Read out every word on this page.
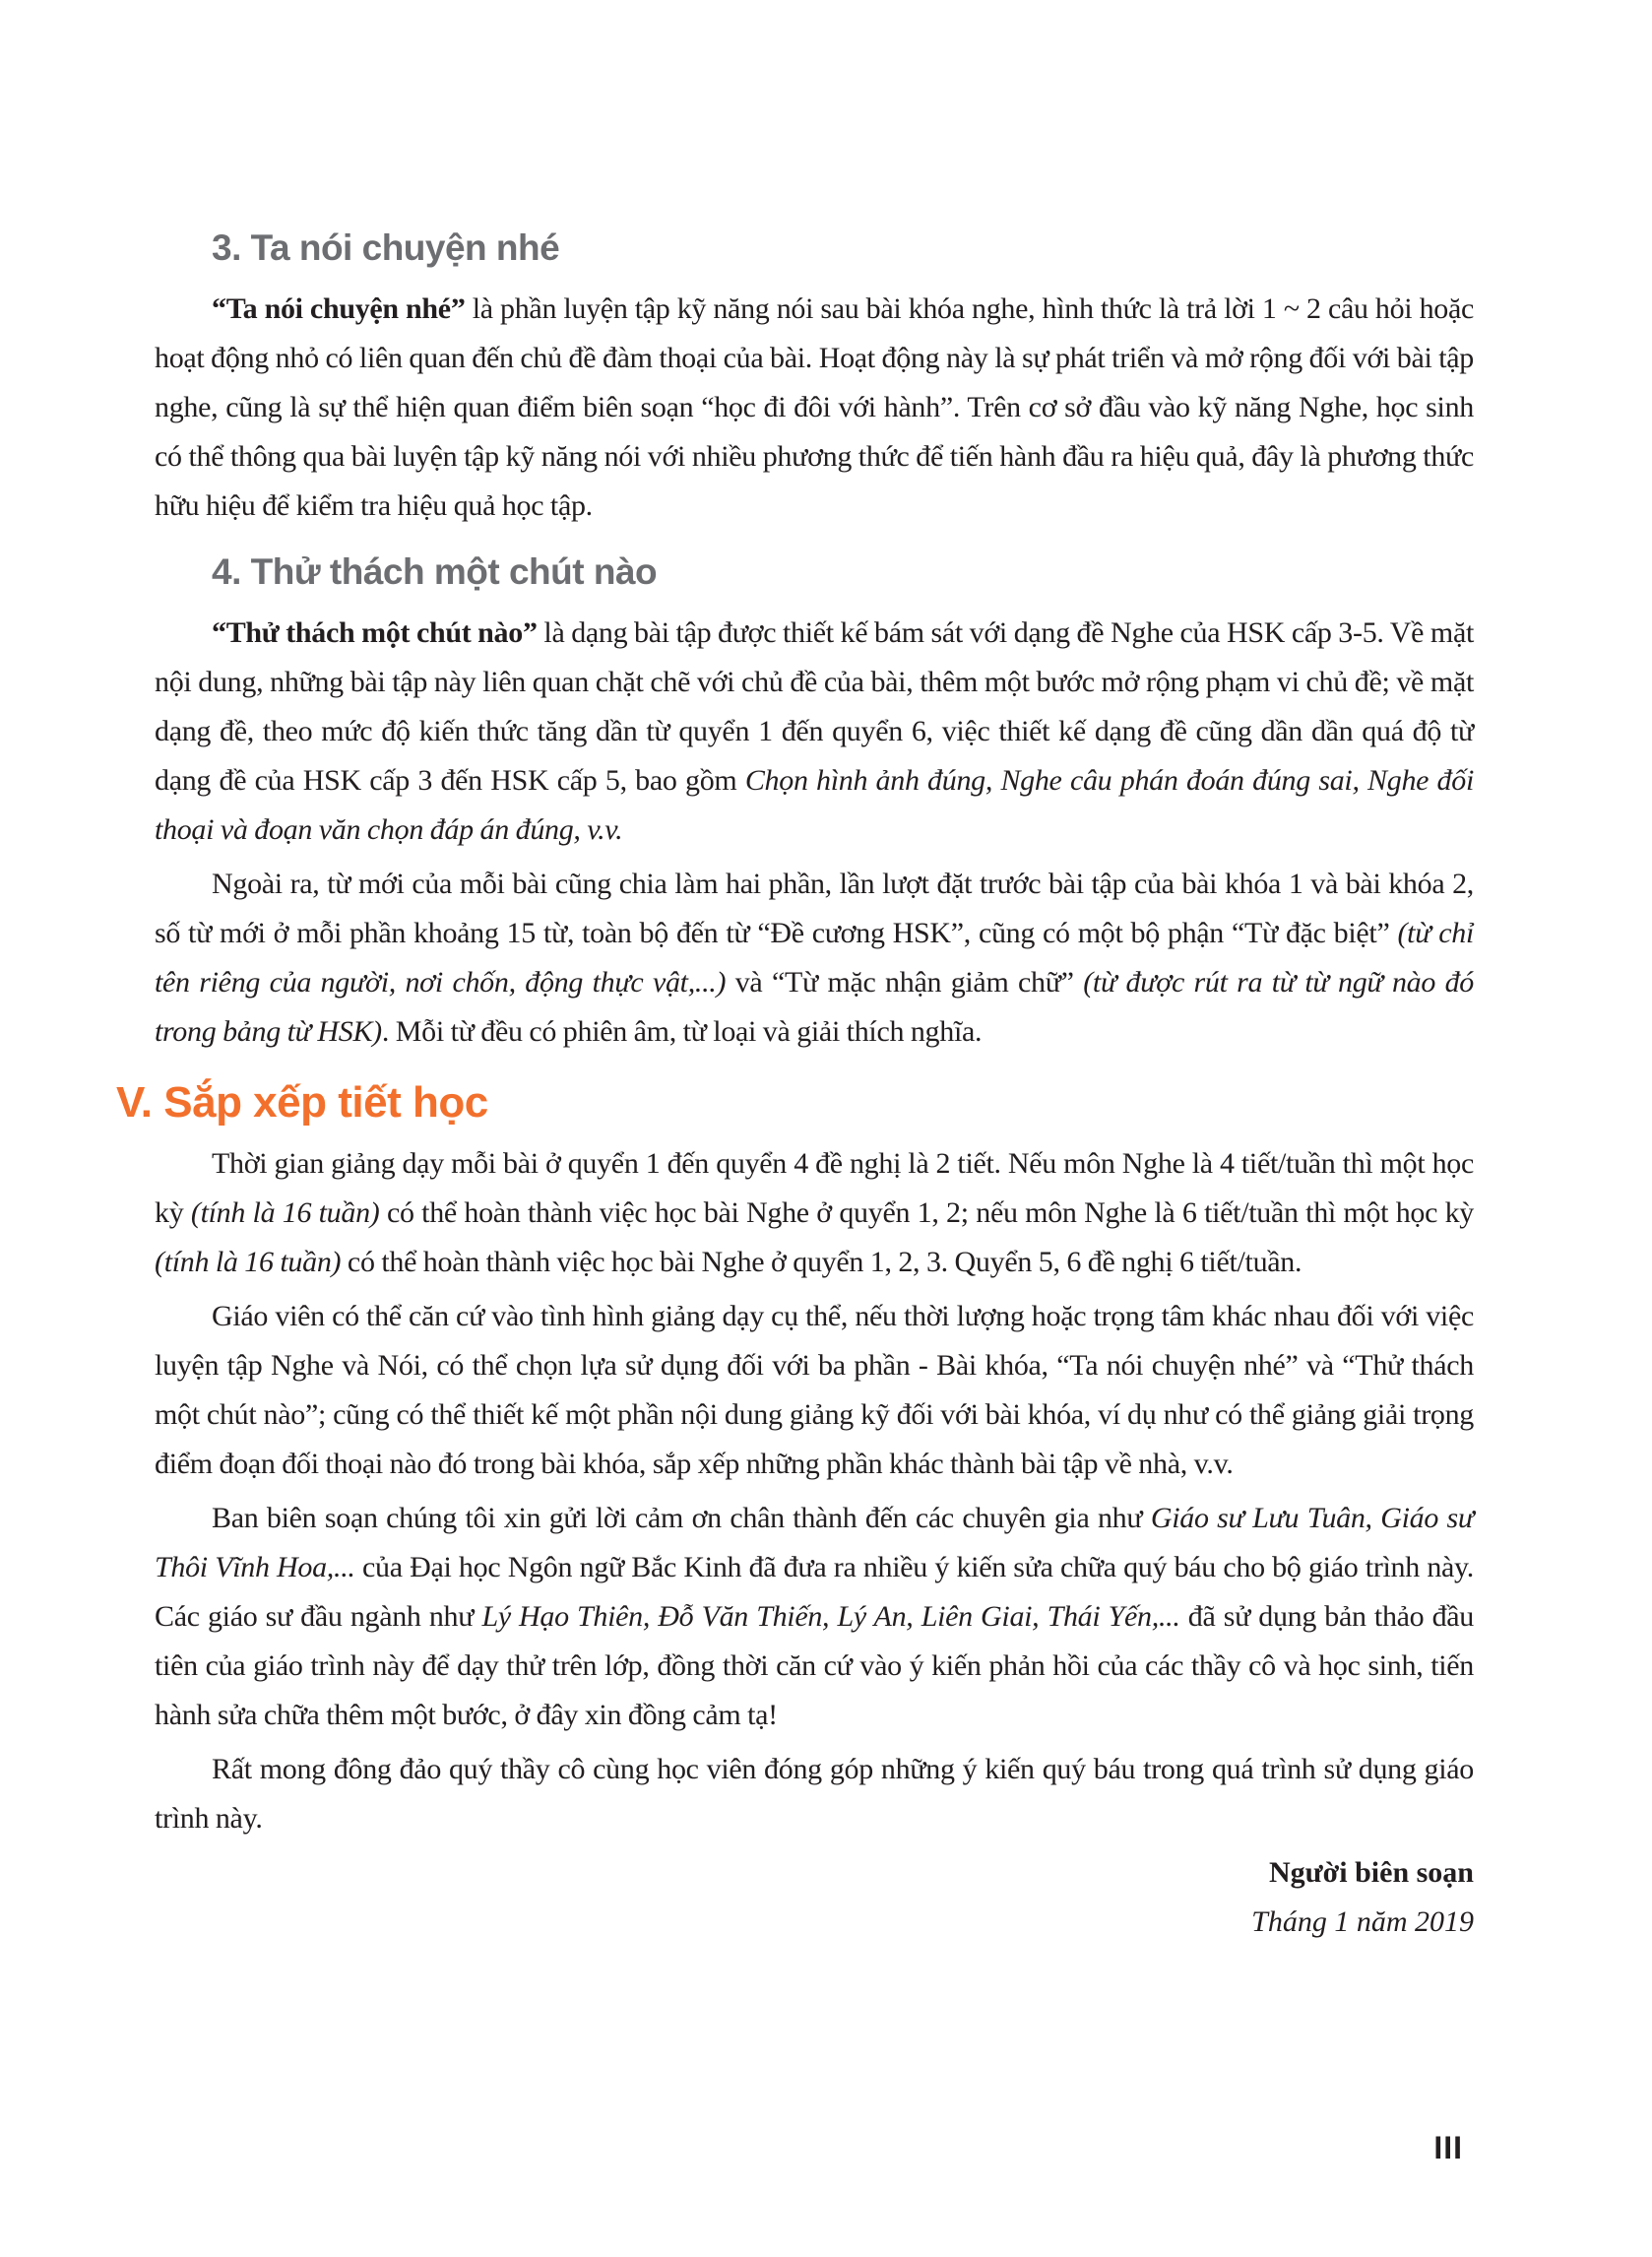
3. Ta nói chuyện nhé

“Ta nói chuyện nhé” là phần luyện tập kỹ năng nói sau bài khóa nghe, hình thức là trả lời 1 ~ 2 câu hỏi hoặc hoạt động nhỏ có liên quan đến chủ đề đàm thoại của bài. Hoạt động này là sự phát triển và mở rộng đối với bài tập nghe, cũng là sự thể hiện quan điểm biên soạn “học đi đôi với hành”. Trên cơ sở đầu vào kỹ năng Nghe, học sinh có thể thông qua bài luyện tập kỹ năng nói với nhiều phương thức để tiến hành đầu ra hiệu quả, đây là phương thức hữu hiệu để kiểm tra hiệu quả học tập.

4. Thử thách một chút nào

“Thử thách một chút nào” là dạng bài tập được thiết kế bám sát với dạng đề Nghe của HSK cấp 3-5. Về mặt nội dung, những bài tập này liên quan chặt chẽ với chủ đề của bài, thêm một bước mở rộng phạm vi chủ đề; về mặt dạng đề, theo mức độ kiến thức tăng dần từ quyển 1 đến quyển 6, việc thiết kế dạng đề cũng dần dần quá độ từ dạng đề của HSK cấp 3 đến HSK cấp 5, bao gồm Chọn hình ảnh đúng, Nghe câu phán đoán đúng sai, Nghe đối thoại và đoạn văn chọn đáp án đúng, v.v.

Ngoài ra, từ mới của mỗi bài cũng chia làm hai phần, lần lượt đặt trước bài tập của bài khóa 1 và bài khóa 2, số từ mới ở mỗi phần khoảng 15 từ, toàn bộ đến từ “Đề cương HSK”, cũng có một bộ phận “Từ đặc biệt” (từ chỉ tên riêng của người, nơi chốn, động thực vật,...) và “Từ mặc nhận giảm chữ” (từ được rút ra từ từ ngữ nào đó trong bảng từ HSK). Mỗi từ đều có phiên âm, từ loại và giải thích nghĩa.

V. Sắp xếp tiết học

Thời gian giảng dạy mỗi bài ở quyển 1 đến quyển 4 đề nghị là 2 tiết. Nếu môn Nghe là 4 tiết/tuần thì một học kỳ (tính là 16 tuần) có thể hoàn thành việc học bài Nghe ở quyển 1, 2; nếu môn Nghe là 6 tiết/tuần thì một học kỳ (tính là 16 tuần) có thể hoàn thành việc học bài Nghe ở quyển 1, 2, 3. Quyển 5, 6 đề nghị 6 tiết/tuần.

Giáo viên có thể căn cứ vào tình hình giảng dạy cụ thể, nếu thời lượng hoặc trọng tâm khác nhau đối với việc luyện tập Nghe và Nói, có thể chọn lựa sử dụng đối với ba phần - Bài khóa, “Ta nói chuyện nhé” và “Thử thách một chút nào”; cũng có thể thiết kế một phần nội dung giảng kỹ đối với bài khóa, ví dụ như có thể giảng giải trọng điểm đoạn đối thoại nào đó trong bài khóa, sắp xếp những phần khác thành bài tập về nhà, v.v.

Ban biên soạn chúng tôi xin gửi lời cảm ơn chân thành đến các chuyên gia như Giáo sư Lưu Tuân, Giáo sư Thôi Vĩnh Hoa,... của Đại học Ngôn ngữ Bắc Kinh đã đưa ra nhiều ý kiến sửa chữa quý báu cho bộ giáo trình này. Các giáo sư đầu ngành như Lý Hạo Thiên, Đỗ Văn Thiến, Lý An, Liên Giai, Thái Yến,... đã sử dụng bản thảo đầu tiên của giáo trình này để dạy thử trên lớp, đồng thời căn cứ vào ý kiến phản hồi của các thầy cô và học sinh, tiến hành sửa chữa thêm một bước, ở đây xin đồng cảm tạ!

Rất mong đông đảo quý thầy cô cùng học viên đóng góp những ý kiến quý báu trong quá trình sử dụng giáo trình này.

Người biên soạn
Tháng 1 năm 2019
III
